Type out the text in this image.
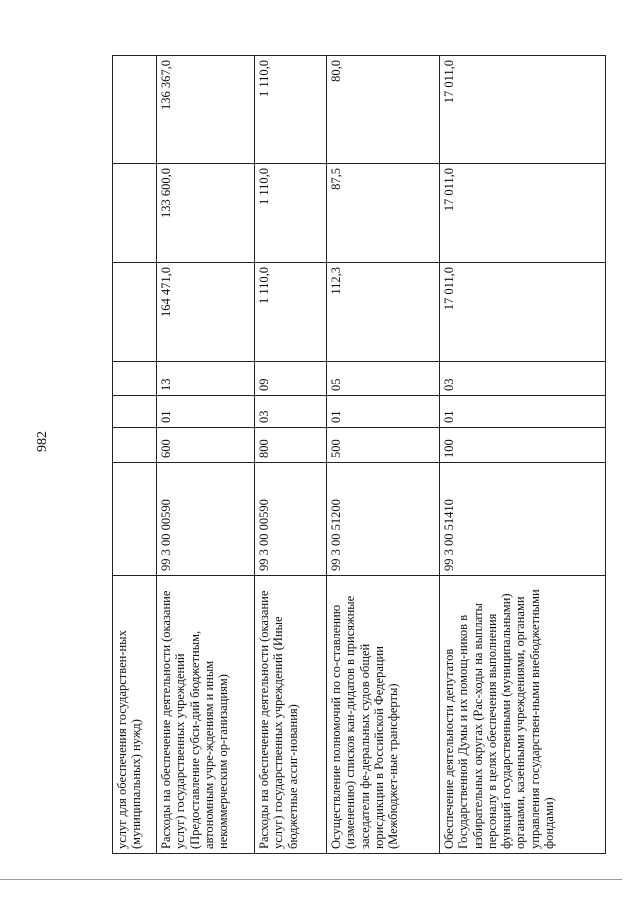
982
услуг для обеспечения государствен-ных (муниципальных) нужд)							
Расходы на обеспечение деятельности (оказание услуг) государственных учреждений (Предоставление субси-дий бюджетным, автономным учре-ждениям и иным некоммерческим ор-ганизациям)	99 3 00 00590	600	01	13	164 471,0	133 600,0	136 367,0
Расходы на обеспечение деятельности (оказание услуг) государственных учреждений (Иные бюджетные ассиг-нования)	99 3 00 00590	800	03	09	1 110,0	1 110,0	1 110,0
Осуществление полномочий по со-ставлению (изменению) списков кан-дидатов в присяжные заседатели фе-деральных судов общей юрисдикции в Российской Федерации (Межбюджет-ные трансферты)	99 3 00 51200	500	01	05	112,3	87,5	80,0
Обеспечение деятельности депутатов Государственной Думы и их помощ-ников в избирательных округах (Рас-ходы на выплаты персоналу в целях обеспечения выполнения функций государственными (муниципальными) органами, казенными учреждениями, органами управления государствен-ными внебюджетными фондами)	99 3 00 51410	100	01	03	17 011,0	17 011,0	17 011,0
